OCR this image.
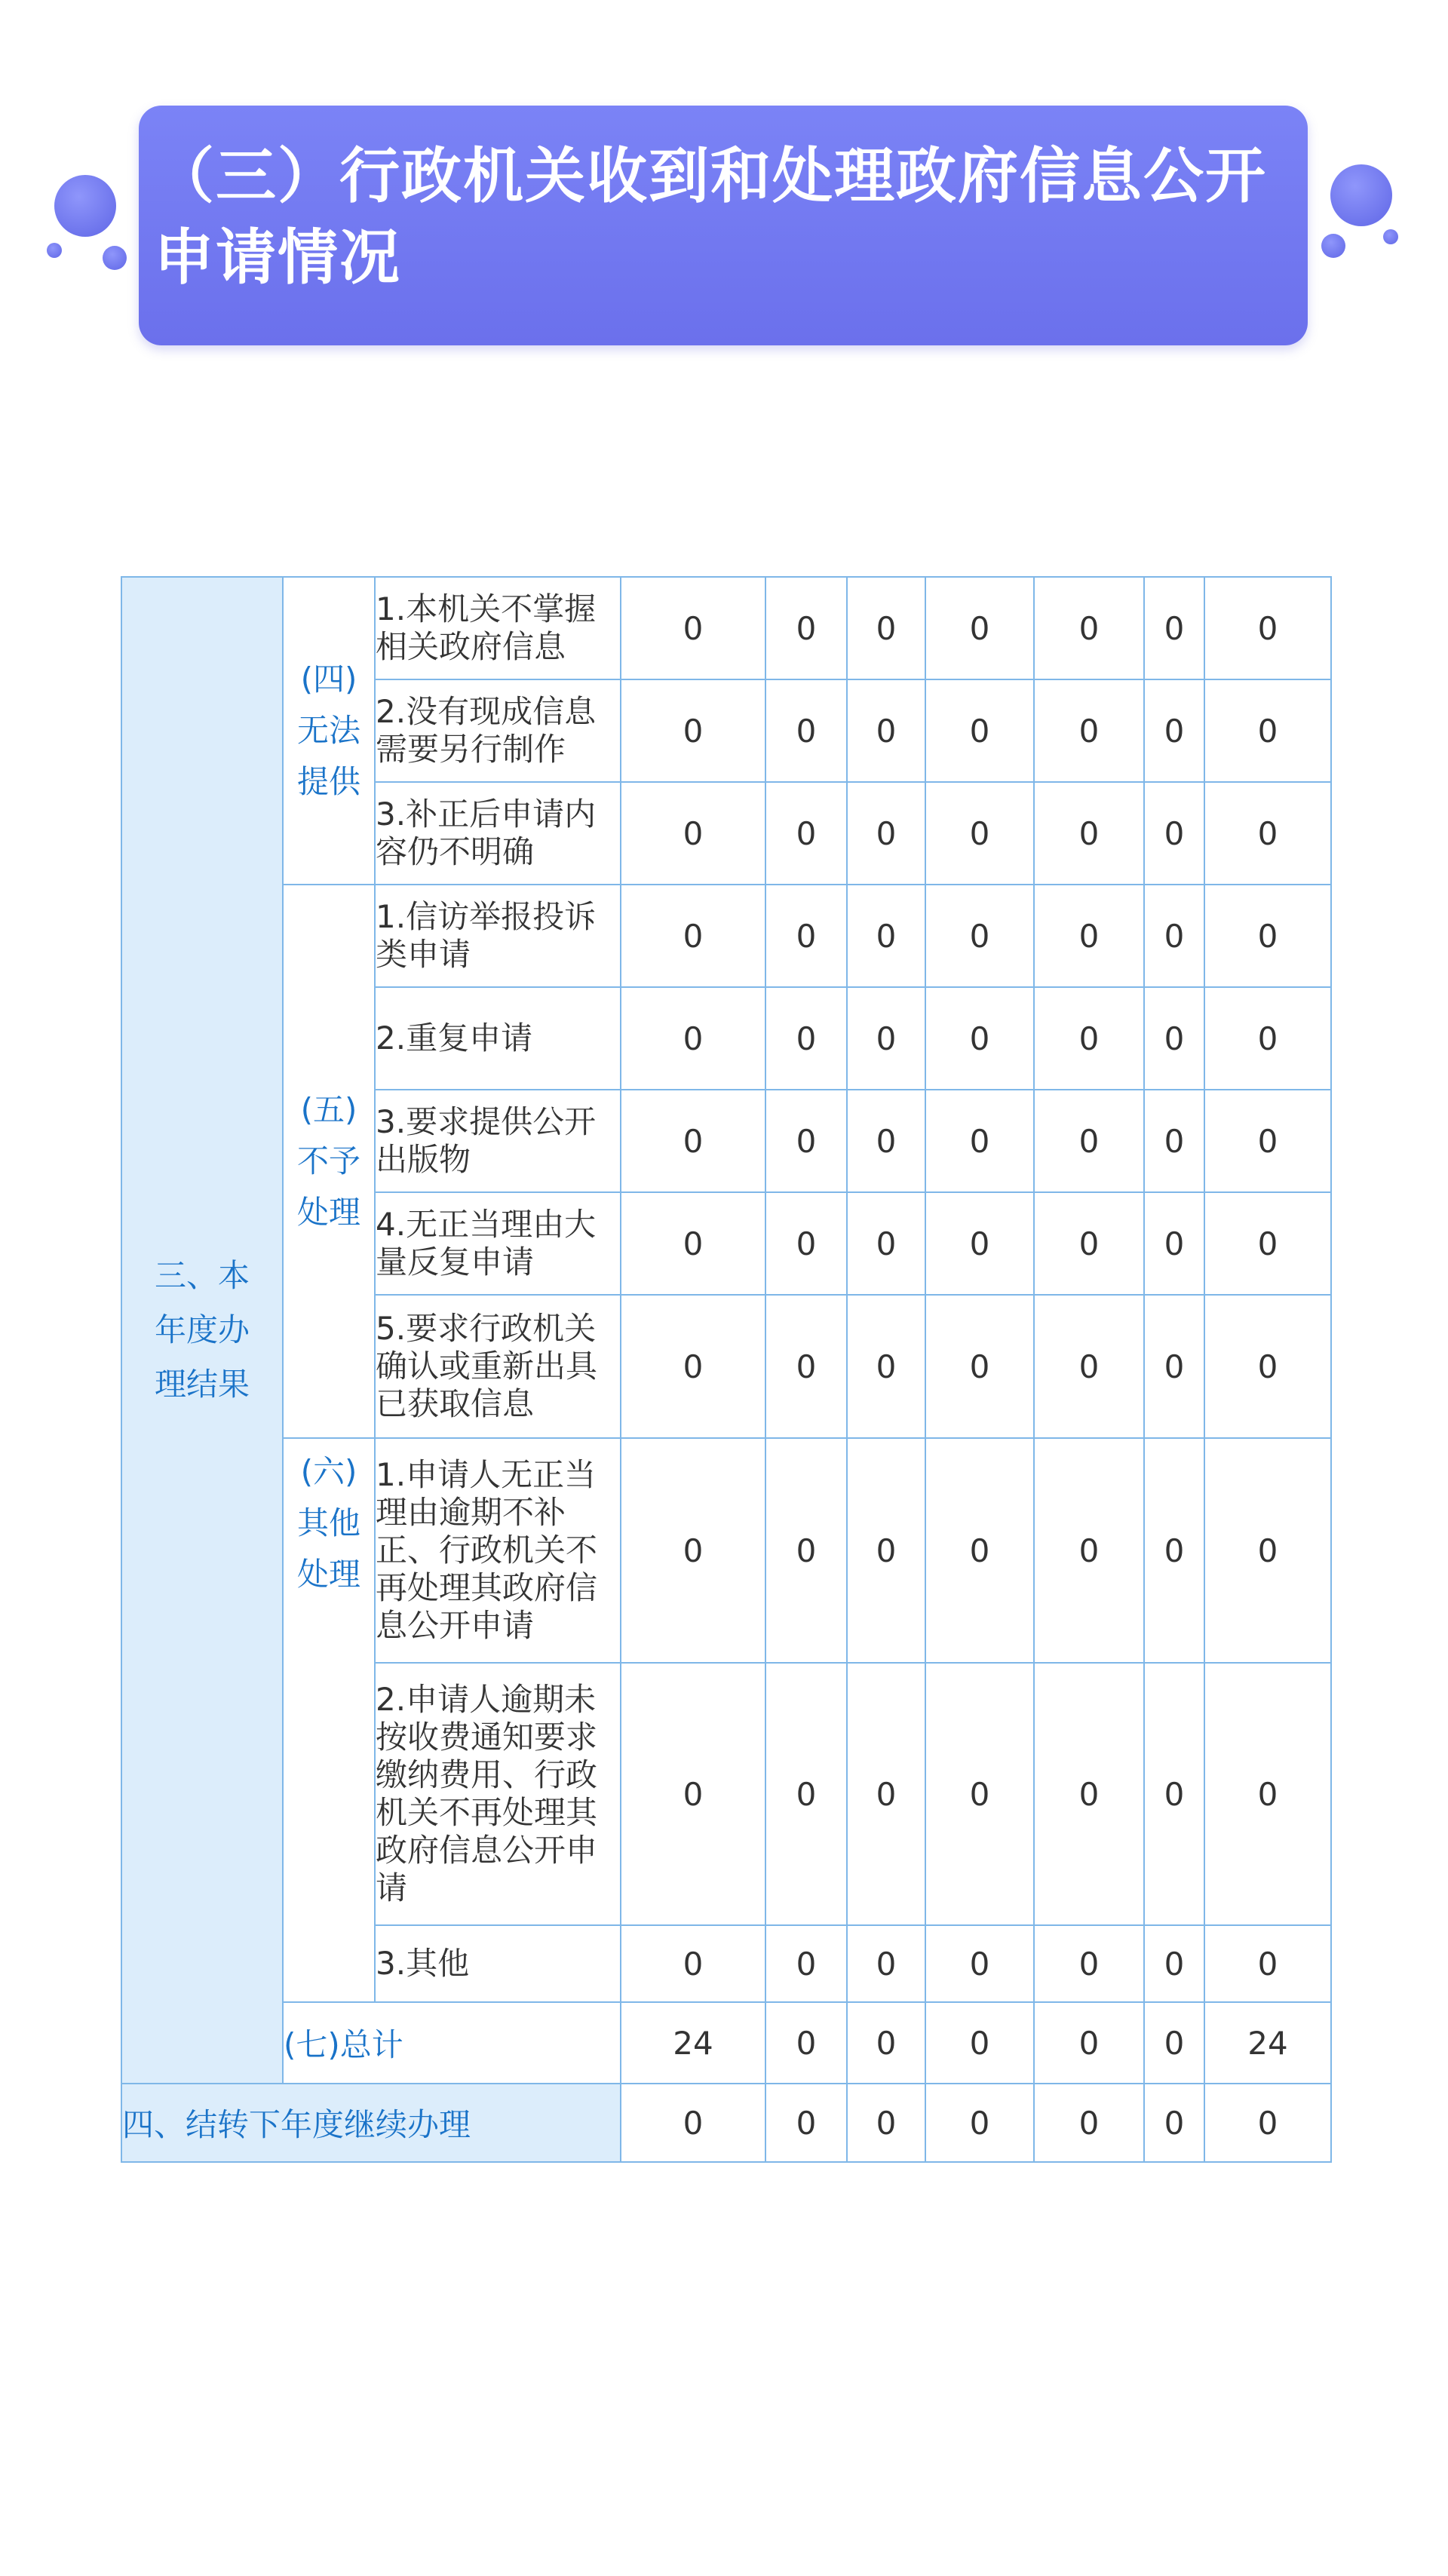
（三）行政机关收到和处理政府信息公开申请情况
三、本年度办理结果	(四)无法提供	1.本机关不掌握相关政府信息	0	0	0	0	0	0	0
		2.没有现成信息需要另行制作	0	0	0	0	0	0	0
		3.补正后申请内容仍不明确	0	0	0	0	0	0	0
	(五)不予处理	1.信访举报投诉类申请	0	0	0	0	0	0	0
		2.重复申请	0	0	0	0	0	0	0
		3.要求提供公开出版物	0	0	0	0	0	0	0
		4.无正当理由大量反复申请	0	0	0	0	0	0	0
		5.要求行政机关确认或重新出具已获取信息	0	0	0	0	0	0	0
	(六)其他处理	1.申请人无正当理由逾期不补正、行政机关不再处理其政府信息公开申请	0	0	0	0	0	0	0
		2.申请人逾期未按收费通知要求缴纳费用、行政机关不再处理其政府信息公开申请	0	0	0	0	0	0	0
		3.其他	0	0	0	0	0	0	0
	(七)总计		24	0	0	0	0	0	24
四、结转下年度继续办理			0	0	0	0	0	0	0
